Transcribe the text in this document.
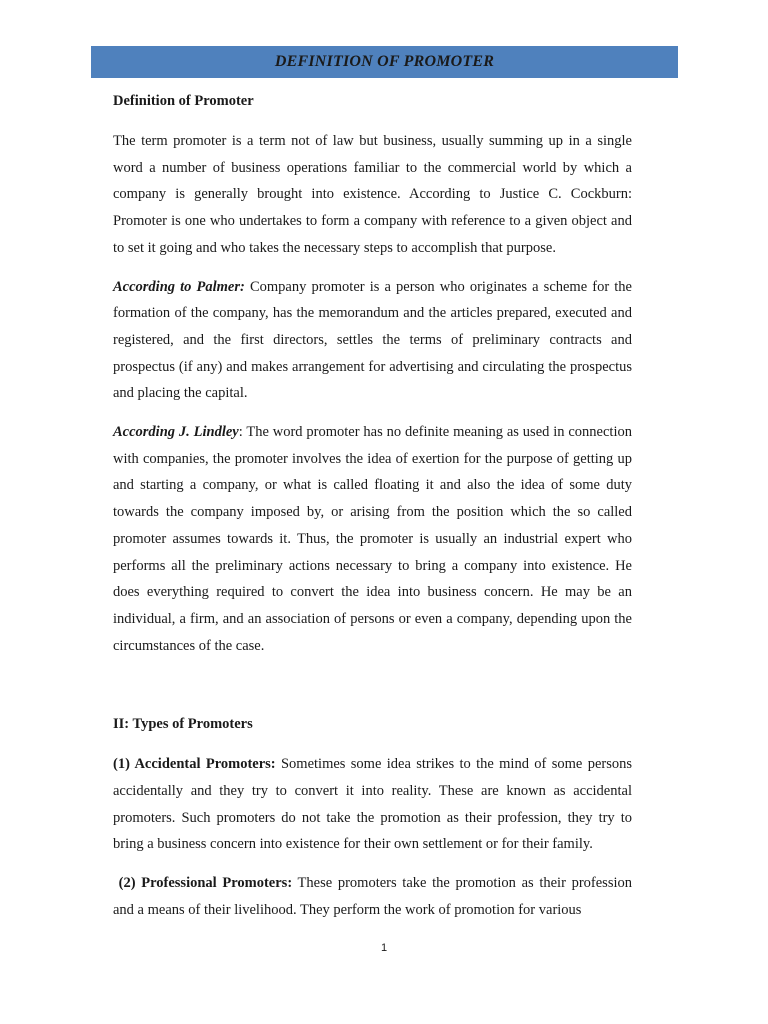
DEFINITION OF PROMOTER

Definition of Promoter

The term promoter is a term not of law but business, usually summing up in a single word a number of business operations familiar to the commercial world by which a company is generally brought into existence. According to Justice C. Cockburn: Promoter is one who undertakes to form a company with reference to a given object and to set it going and who takes the necessary steps to accomplish that purpose.

According to Palmer: Company promoter is a person who originates a scheme for the formation of the company, has the memorandum and the articles prepared, executed and registered, and the first directors, settles the terms of preliminary contracts and prospectus (if any) and makes arrangement for advertising and circulating the prospectus and placing the capital.

According J. Lindley: The word promoter has no definite meaning as used in connection with companies, the promoter involves the idea of exertion for the purpose of getting up and starting a company, or what is called floating it and also the idea of some duty towards the company imposed by, or arising from the position which the so called promoter assumes towards it. Thus, the promoter is usually an industrial expert who performs all the preliminary actions necessary to bring a company into existence. He does everything required to convert the idea into business concern. He may be an individual, a firm, and an association of persons or even a company, depending upon the circumstances of the case.

II: Types of Promoters

(1) Accidental Promoters: Sometimes some idea strikes to the mind of some persons accidentally and they try to convert it into reality. These are known as accidental promoters. Such promoters do not take the promotion as their profession, they try to bring a business concern into existence for their own settlement or for their family.

(2) Professional Promoters: These promoters take the promotion as their profession and a means of their livelihood. They perform the work of promotion for various

1
